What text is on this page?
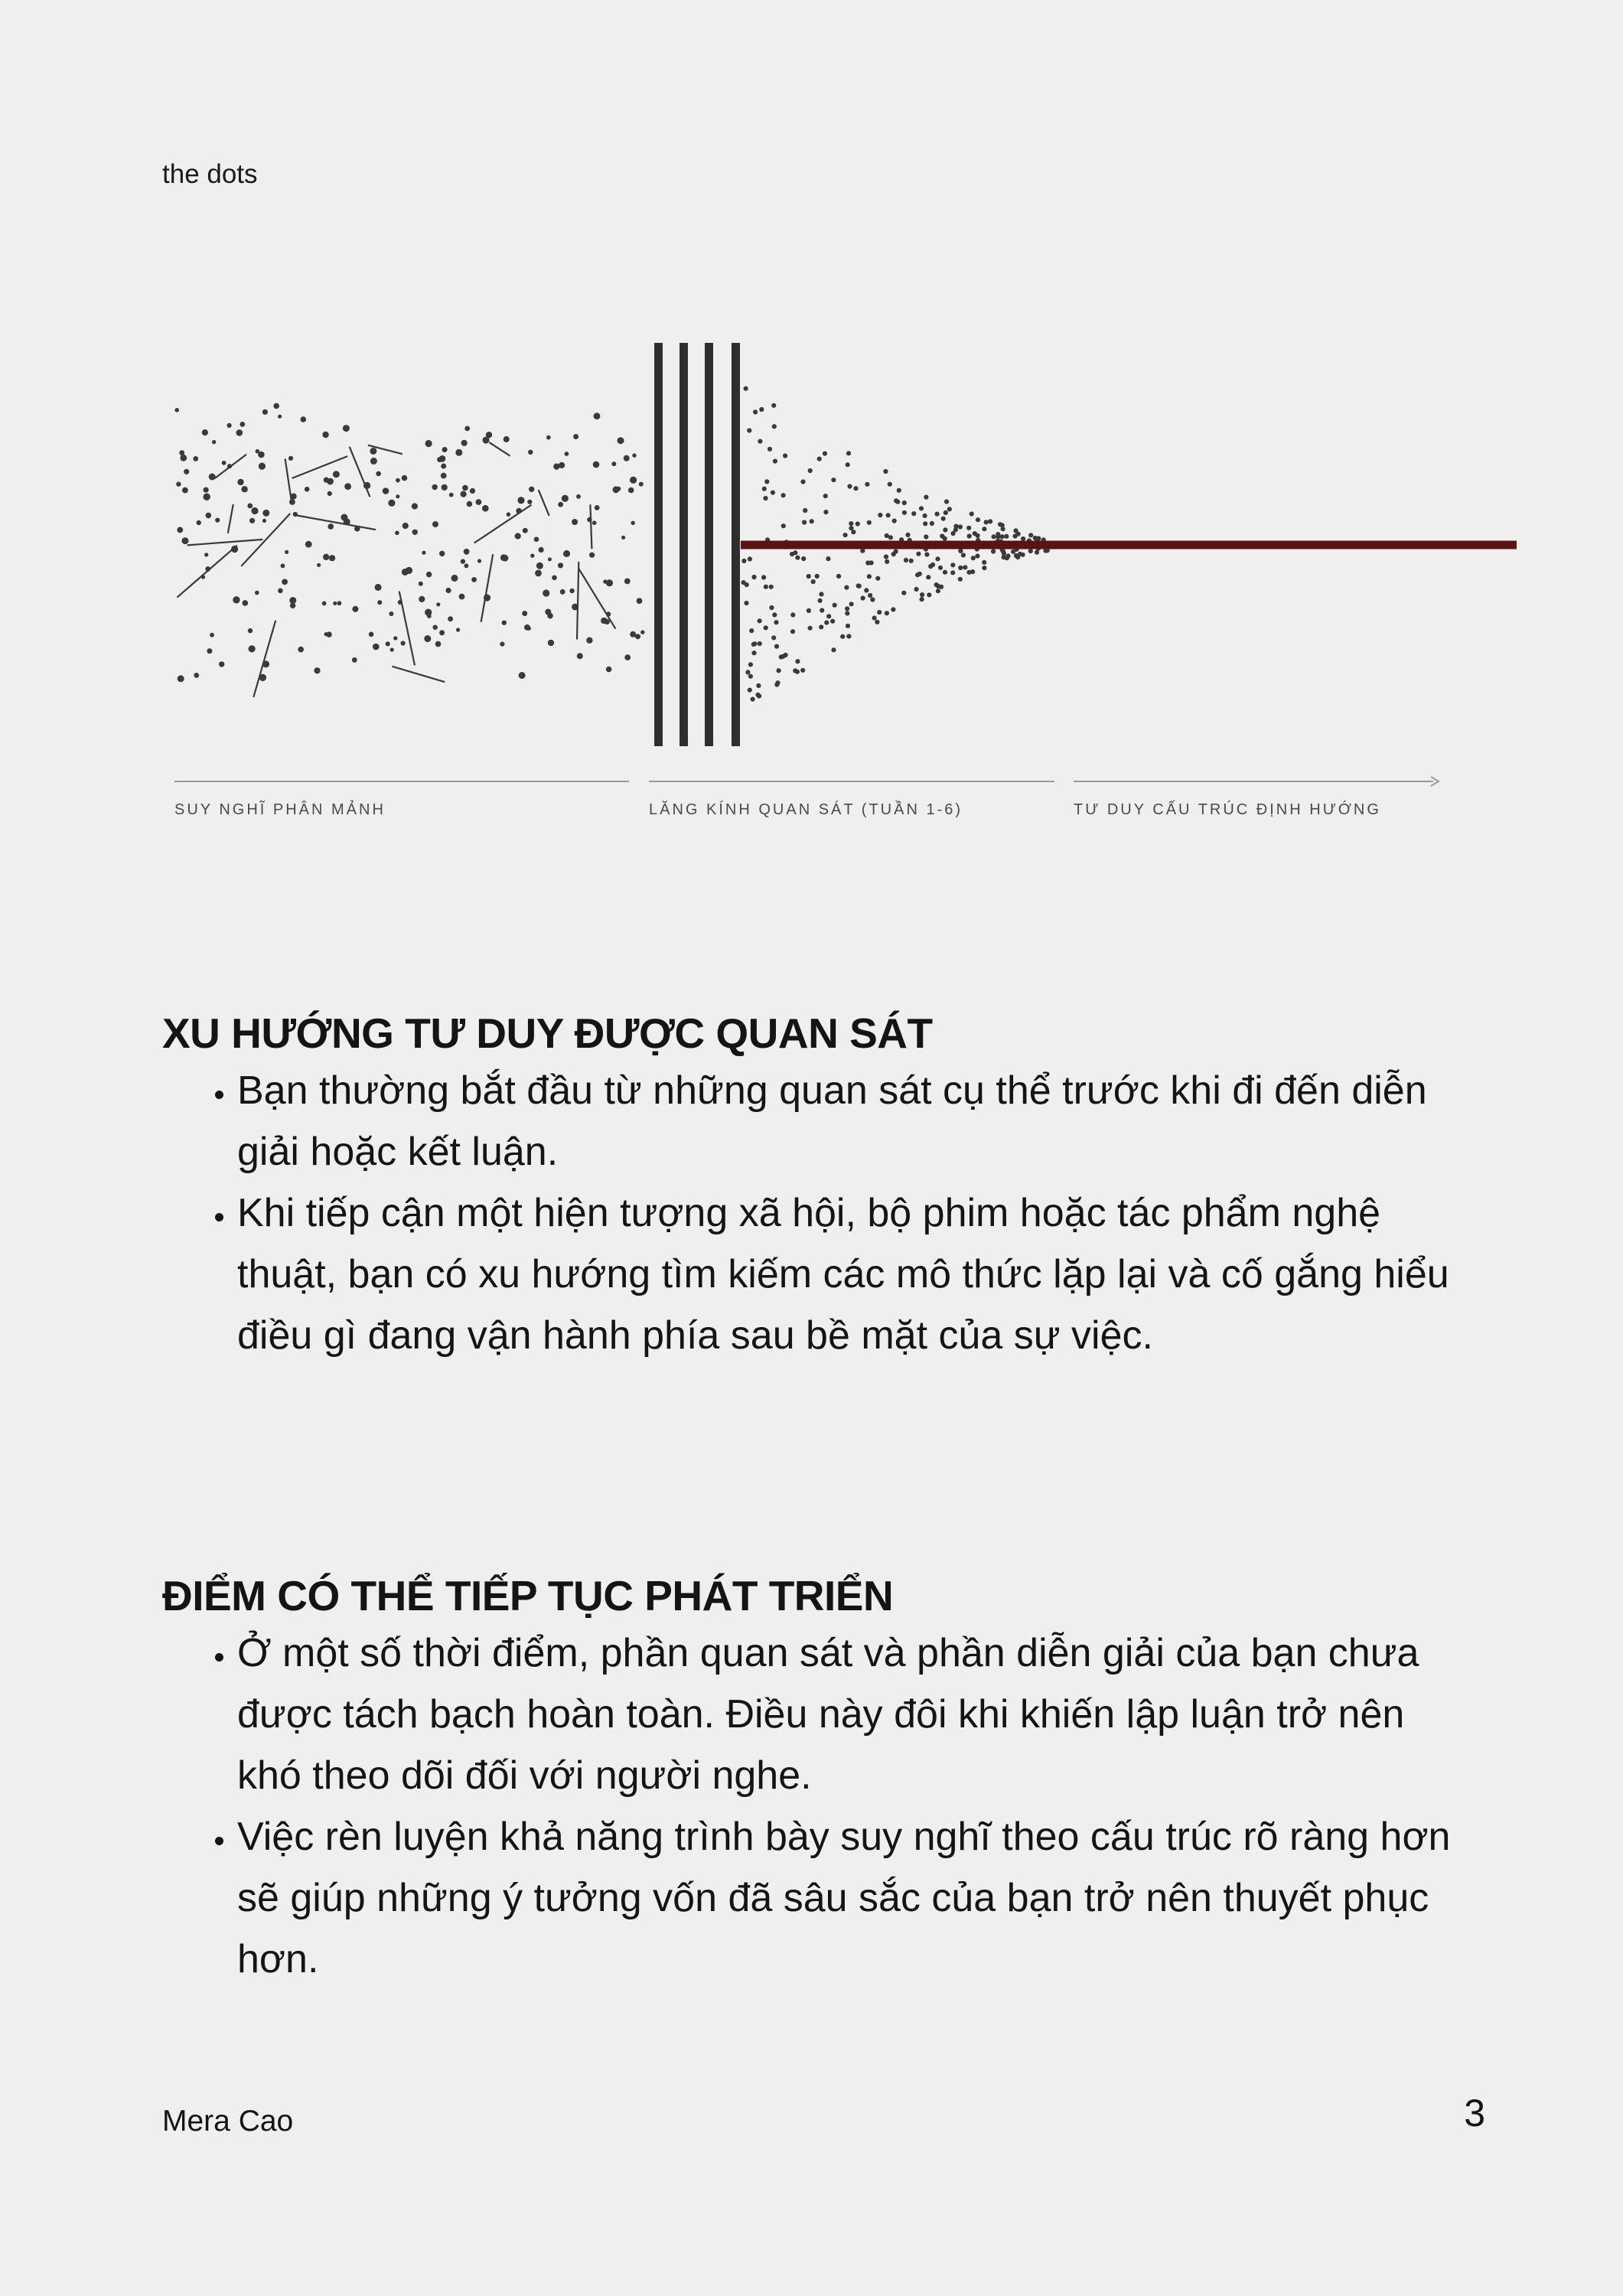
the dots
SUY NGHĨ PHÂN MẢNH	LĂNG KÍNH QUAN SÁT (TUẦN 1-6)	TƯ DUY CẤU TRÚC ĐỊNH HƯỚNG
XU HƯỚNG TƯ DUY ĐƯỢC QUAN SÁT
• Bạn thường bắt đầu từ những quan sát cụ thể trước khi đi đến diễn giải hoặc kết luận.
• Khi tiếp cận một hiện tượng xã hội, bộ phim hoặc tác phẩm nghệ thuật, bạn có xu hướng tìm kiếm các mô thức lặp lại và cố gắng hiểu điều gì đang vận hành phía sau bề mặt của sự việc.
ĐIỂM CÓ THỂ TIẾP TỤC PHÁT TRIỂN
• Ở một số thời điểm, phần quan sát và phần diễn giải của bạn chưa được tách bạch hoàn toàn. Điều này đôi khi khiến lập luận trở nên khó theo dõi đối với người nghe.
• Việc rèn luyện khả năng trình bày suy nghĩ theo cấu trúc rõ ràng hơn sẽ giúp những ý tưởng vốn đã sâu sắc của bạn trở nên thuyết phục hơn.
Mera Cao	3
